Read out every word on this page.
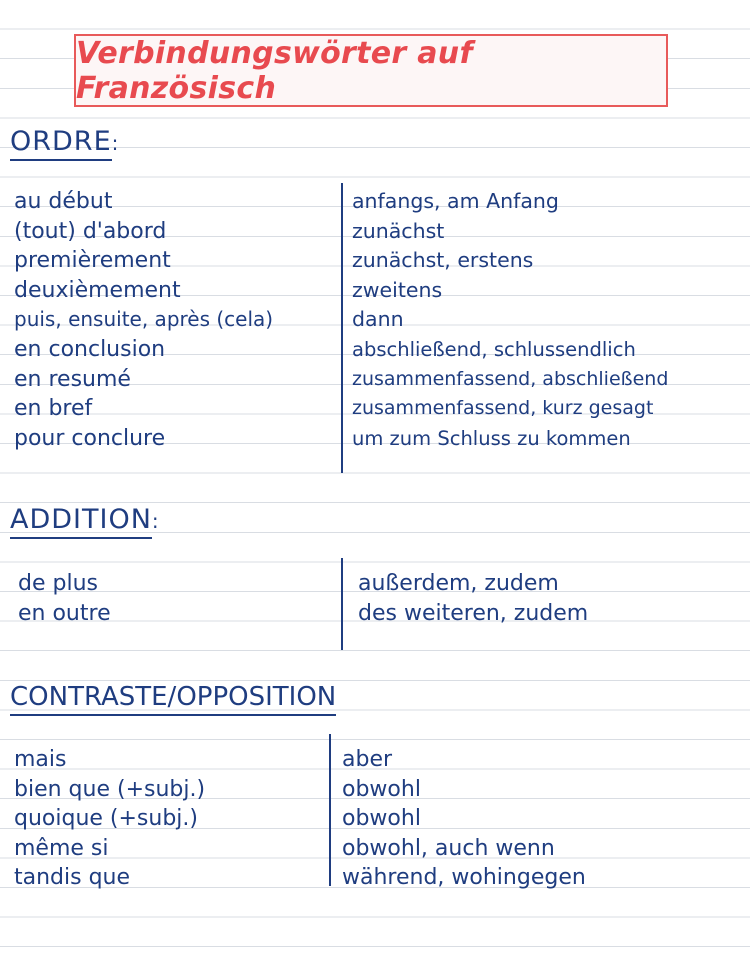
Verbindungswörter auf Französisch
ORDRE:
au début
(tout) d'abord
premièrement
deuxièmement
puis, ensuite, après (cela)
en conclusion
en resumé
en bref
pour conclure
anfangs, am Anfang
zunächst
zunächst, erstens
zweitens
dann
abschließend, schlussendlich
zusammenfassend, abschließend
zusammenfassend, kurz gesagt
um zum Schluss zu kommen
ADDITION:
de plus
en outre
außerdem, zudem
des weiteren, zudem
CONTRASTE/OPPOSITION
mais
bien que (+subj.)
quoique (+subj.)
même si
tandis que
aber
obwohl
obwohl
obwohl, auch wenn
während, wohingegen
